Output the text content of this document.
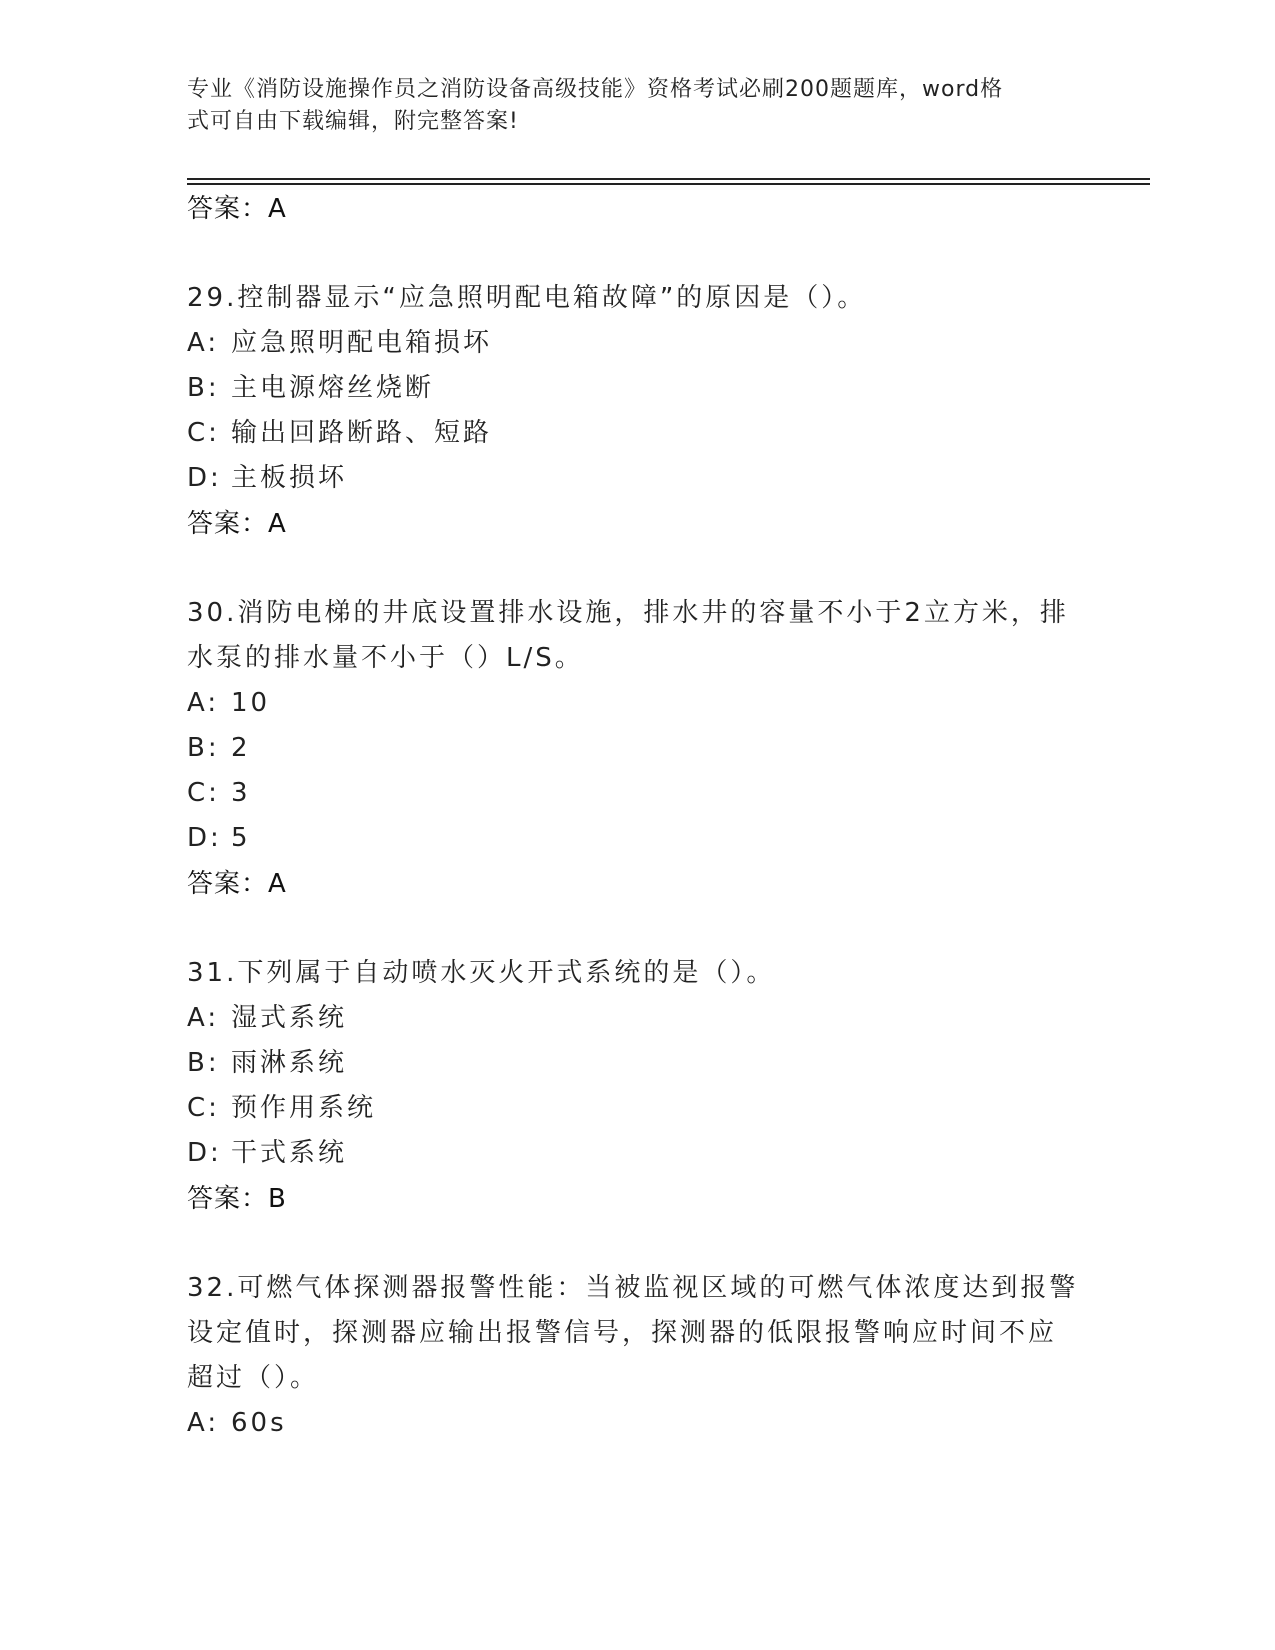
专业《消防设施操作员之消防设备高级技能》资格考试必刷200题题库，word格
式可自由下载编辑，附完整答案!
答案：A
29.控制器显示“应急照明配电箱故障”的原因是（）。
A: 应急照明配电箱损坏
B: 主电源熔丝烧断
C: 输出回路断路、短路
D: 主板损坏
答案：A
30.消防电梯的井底设置排水设施，排水井的容量不小于2立方米，排
水泵的排水量不小于（）L/S。
A: 10
B: 2
C: 3
D: 5
答案：A
31.下列属于自动喷水灭火开式系统的是（）。
A: 湿式系统
B: 雨淋系统
C: 预作用系统
D: 干式系统
答案：B
32.可燃气体探测器报警性能：当被监视区域的可燃气体浓度达到报警
设定值时，探测器应输出报警信号，探测器的低限报警响应时间不应
超过（）。
A: 60s
